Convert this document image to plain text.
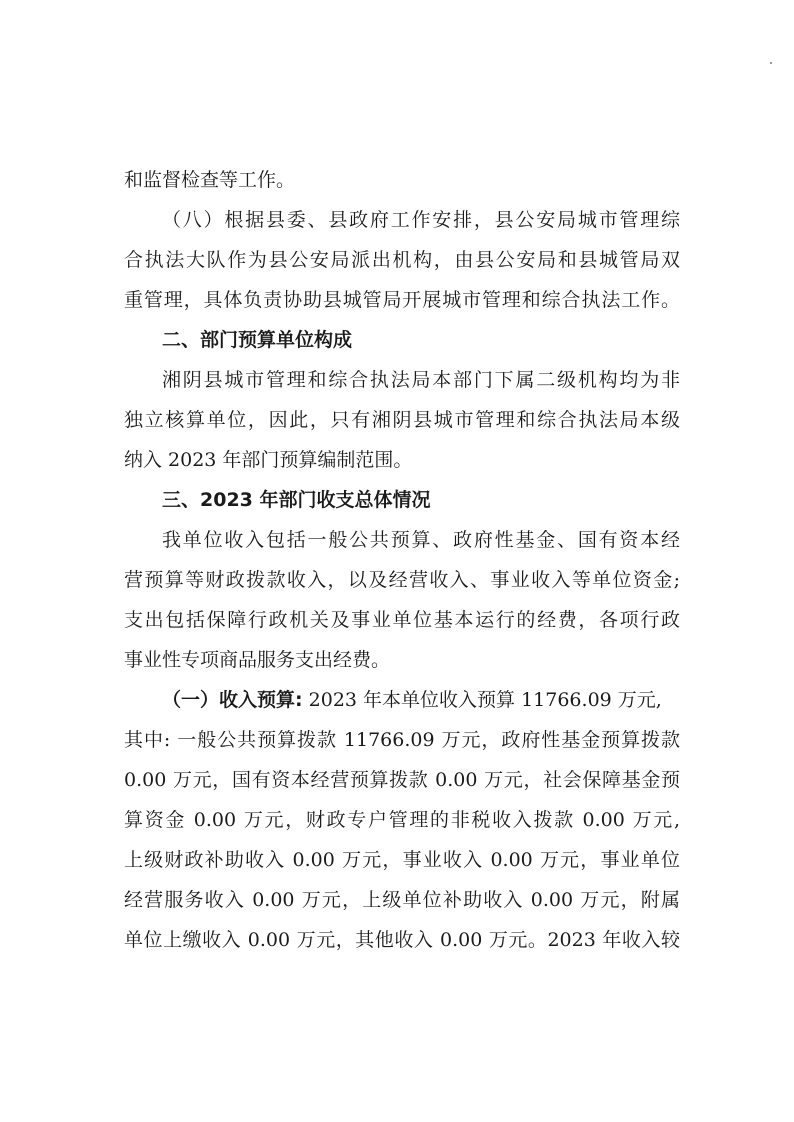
和监督检查等工作。
（八）根据县委、县政府工作安排，县公安局城市管理综
合执法大队作为县公安局派出机构，由县公安局和县城管局双
重管理，具体负责协助县城管局开展城市管理和综合执法工作。
二、部门预算单位构成
湘阴县城市管理和综合执法局本部门下属二级机构均为非
独立核算单位，因此，只有湘阴县城市管理和综合执法局本级
纳入 2023 年部门预算编制范围。
三、2023 年部门收支总体情况
我单位收入包括一般公共预算、政府性基金、国有资本经
营预算等财政拨款收入，以及经营收入、事业收入等单位资金;
支出包括保障行政机关及事业单位基本运行的经费，各项行政
事业性专项商品服务支出经费。
（一）收入预算: 2023 年本单位收入预算 11766.09 万元,
其中: 一般公共预算拨款 11766.09 万元，政府性基金预算拨款
0.00 万元，国有资本经营预算拨款 0.00 万元，社会保障基金预
算资金 0.00 万元，财政专户管理的非税收入拨款 0.00 万元,
上级财政补助收入 0.00 万元，事业收入 0.00 万元，事业单位
经营服务收入 0.00 万元，上级单位补助收入 0.00 万元，附属
单位上缴收入 0.00 万元，其他收入 0.00 万元。2023 年收入较
